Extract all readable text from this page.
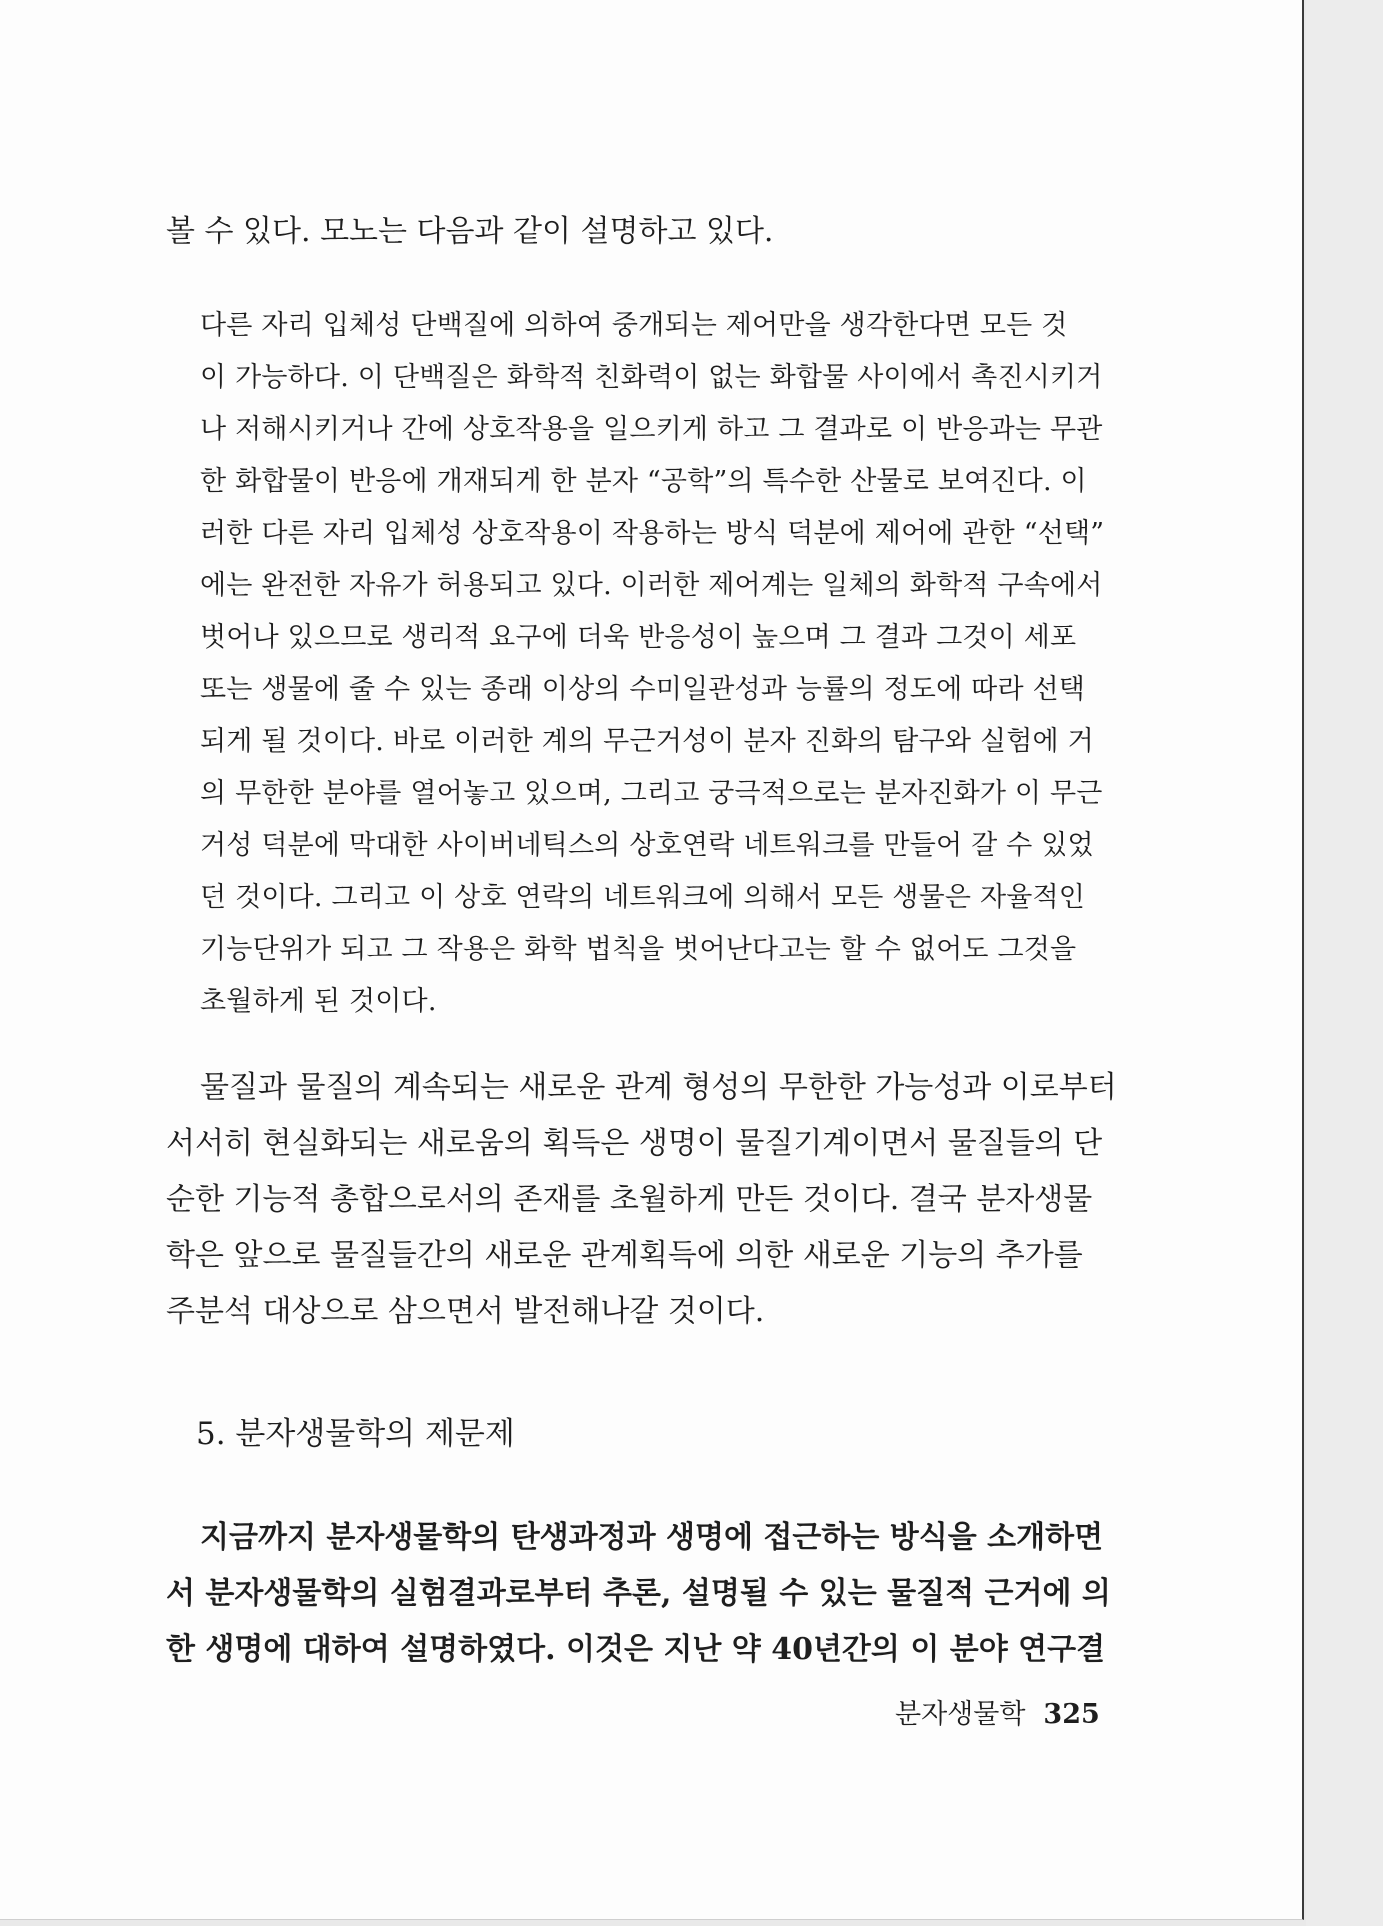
볼 수 있다. 모노는 다음과 같이 설명하고 있다.
다른 자리 입체성 단백질에 의하여 중개되는 제어만을 생각한다면 모든 것
이 가능하다. 이 단백질은 화학적 친화력이 없는 화합물 사이에서 촉진시키거
나 저해시키거나 간에 상호작용을 일으키게 하고 그 결과로 이 반응과는 무관
한 화합물이 반응에 개재되게 한 분자 “공학”의 특수한 산물로 보여진다. 이
러한 다른 자리 입체성 상호작용이 작용하는 방식 덕분에 제어에 관한 “선택”
에는 완전한 자유가 허용되고 있다. 이러한 제어계는 일체의 화학적 구속에서
벗어나 있으므로 생리적 요구에 더욱 반응성이 높으며 그 결과 그것이 세포
또는 생물에 줄 수 있는 종래 이상의 수미일관성과 능률의 정도에 따라 선택
되게 될 것이다. 바로 이러한 계의 무근거성이 분자 진화의 탐구와 실험에 거
의 무한한 분야를 열어놓고 있으며, 그리고 궁극적으로는 분자진화가 이 무근
거성 덕분에 막대한 사이버네틱스의 상호연락 네트워크를 만들어 갈 수 있었
던 것이다. 그리고 이 상호 연락의 네트워크에 의해서 모든 생물은 자율적인
기능단위가 되고 그 작용은 화학 법칙을 벗어난다고는 할 수 없어도 그것을
초월하게 된 것이다.
물질과 물질의 계속되는 새로운 관계 형성의 무한한 가능성과 이로부터
서서히 현실화되는 새로움의 획득은 생명이 물질기계이면서 물질들의 단
순한 기능적 총합으로서의 존재를 초월하게 만든 것이다. 결국 분자생물
학은 앞으로 물질들간의 새로운 관계획득에 의한 새로운 기능의 추가를
주분석 대상으로 삼으면서 발전해나갈 것이다.
5. 분자생물학의 제문제
지금까지 분자생물학의 탄생과정과 생명에 접근하는 방식을 소개하면
서 분자생물학의 실험결과로부터 추론, 설명될 수 있는 물질적 근거에 의
한 생명에 대하여 설명하였다. 이것은 지난 약 40년간의 이 분야 연구결
분자생물학 325
